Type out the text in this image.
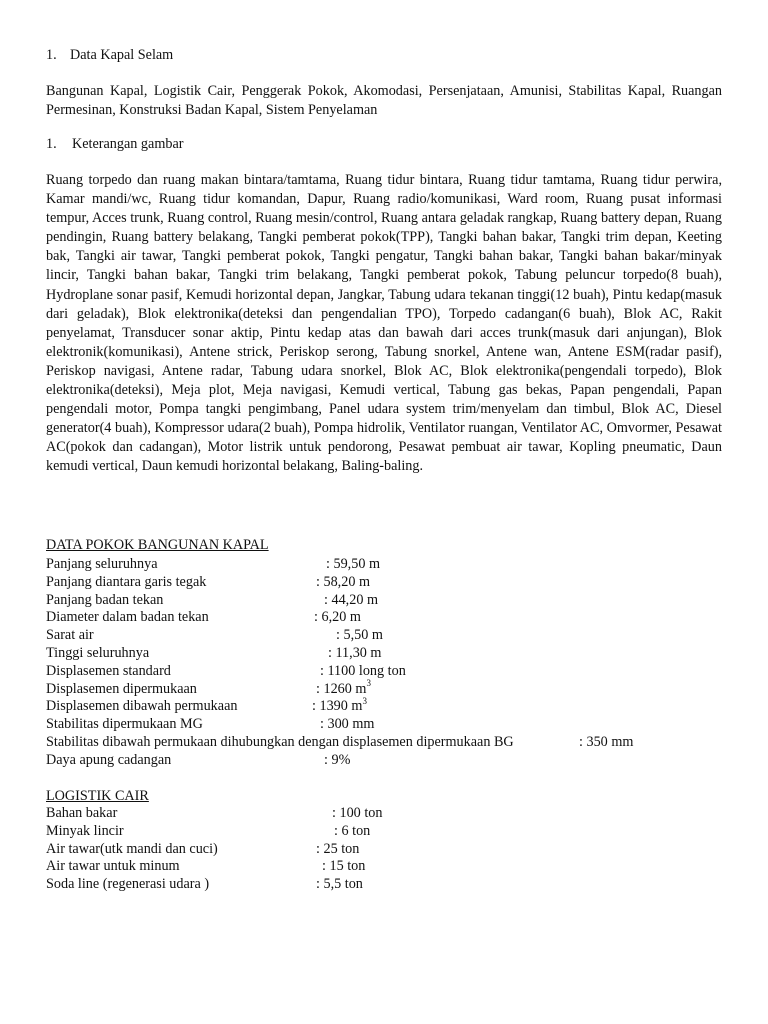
1. Data Kapal Selam
Bangunan Kapal, Logistik Cair, Penggerak Pokok, Akomodasi, Persenjataan, Amunisi, Stabilitas Kapal, Ruangan Permesinan, Konstruksi Badan Kapal, Sistem Penyelaman
1. Keterangan gambar
Ruang torpedo dan ruang makan bintara/tamtama, Ruang tidur bintara, Ruang tidur tamtama, Ruang tidur perwira, Kamar mandi/wc, Ruang tidur komandan, Dapur, Ruang radio/komunikasi, Ward room, Ruang pusat informasi tempur, Acces trunk, Ruang control, Ruang mesin/control, Ruang antara geladak rangkap, Ruang battery depan, Ruang pendingin, Ruang battery belakang, Tangki pemberat pokok(TPP), Tangki bahan bakar, Tangki trim depan, Keeting bak, Tangki air tawar, Tangki pemberat pokok, Tangki pengatur, Tangki bahan bakar, Tangki bahan bakar/minyak lincir, Tangki bahan bakar, Tangki trim belakang, Tangki pemberat pokok, Tabung peluncur torpedo(8 buah), Hydroplane sonar pasif, Kemudi horizontal depan, Jangkar, Tabung udara tekanan tinggi(12 buah), Pintu kedap(masuk dari geladak), Blok elektronika(deteksi dan pengendalian TPO), Torpedo cadangan(6 buah), Blok AC, Rakit penyelamat, Transducer sonar aktip, Pintu kedap atas dan bawah dari acces trunk(masuk dari anjungan), Blok elektronik(komunikasi), Antene strick, Periskop serong, Tabung snorkel, Antene wan, Antene ESM(radar pasif), Periskop navigasi, Antene radar, Tabung udara snorkel, Blok AC, Blok elektronika(pengendali torpedo), Blok elektronika(deteksi), Meja plot, Meja navigasi, Kemudi vertical, Tabung gas bekas, Papan pengendali, Papan pengendali motor, Pompa tangki pengimbang, Panel udara system trim/menyelam dan timbul, Blok AC, Diesel generator(4 buah), Kompressor udara(2 buah), Pompa hidrolik, Ventilator ruangan, Ventilator AC, Omvormer, Pesawat AC(pokok dan cadangan), Motor listrik untuk pendorong, Pesawat pembuat air tawar, Kopling pneumatic, Daun kemudi vertical, Daun kemudi horizontal belakang, Baling-baling.
DATA POKOK BANGUNAN KAPAL
Panjang seluruhnya	: 59,50 m
Panjang diantara garis tegak	: 58,20 m
Panjang badan tekan	: 44,20 m
Diameter dalam badan tekan	: 6,20 m
Sarat air	: 5,50 m
Tinggi seluruhnya	: 11,30 m
Displasemen standard	: 1100 long ton
Displasemen dipermukaan	: 1260 $m^3$
Displasemen dibawah permukaan	: 1390 $m^3$
Stabilitas dipermukaan MG	: 300 mm
Stabilitas dibawah permukaan dihubungkan dengan displasemen dipermukaan BG	: 350 mm
Daya apung cadangan	: 9%
LOGISTIK CAIR
Bahan bakar	: 100 ton
Minyak lincir	: 6 ton
Air tawar(utk mandi dan cuci)	: 25 ton
Air tawar untuk minum	: 15 ton
Soda line (regenerasi udara )	: 5,5 ton
